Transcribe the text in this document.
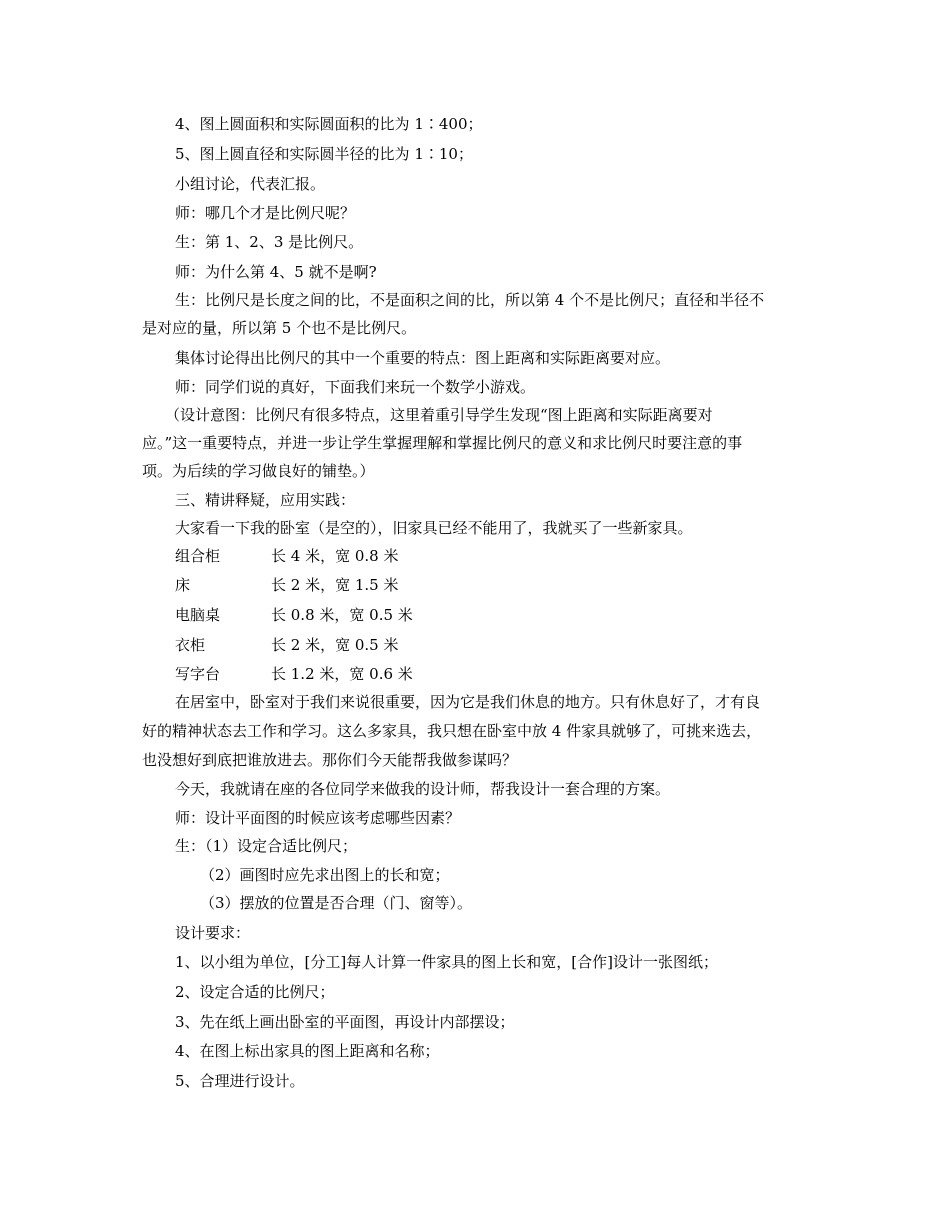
4、图上圆面积和实际圆面积的比为 1∶400；
5、图上圆直径和实际圆半径的比为 1∶10；
小组讨论，代表汇报。
师：哪几个才是比例尺呢？
生：第 1、2、3 是比例尺。
师：为什么第 4、5 就不是啊?
生：比例尺是长度之间的比，不是面积之间的比，所以第 4 个不是比例尺；直径和半径不
是对应的量，所以第 5 个也不是比例尺。
集体讨论得出比例尺的其中一个重要的特点：图上距离和实际距离要对应。
师：同学们说的真好，下面我们来玩一个数学小游戏。
（设计意图：比例尺有很多特点，这里着重引导学生发现“图上距离和实际距离要对
应。”这一重要特点，并进一步让学生掌握理解和掌握比例尺的意义和求比例尺时要注意的事
项。为后续的学习做良好的铺垫。）
三、精讲释疑，应用实践：
大家看一下我的卧室（是空的），旧家具已经不能用了，我就买了一些新家具。
组合柜	长 4 米，宽 0.8 米
床	长 2 米，宽 1.5 米
电脑桌	长 0.8 米，宽 0.5 米
衣柜	长 2 米，宽 0.5 米
写字台	长 1.2 米，宽 0.6 米
在居室中，卧室对于我们来说很重要，因为它是我们休息的地方。只有休息好了，才有良
好的精神状态去工作和学习。这么多家具，我只想在卧室中放 4 件家具就够了，可挑来选去，
也没想好到底把谁放进去。那你们今天能帮我做参谋吗？
今天，我就请在座的各位同学来做我的设计师，帮我设计一套合理的方案。
师：设计平面图的时候应该考虑哪些因素？
生：（1）设定合适比例尺；
（2）画图时应先求出图上的长和宽；
（3）摆放的位置是否合理（门、窗等）。
设计要求：
1、以小组为单位，[分工]每人计算一件家具的图上长和宽，[合作]设计一张图纸；
2、设定合适的比例尺；
3、先在纸上画出卧室的平面图，再设计内部摆设；
4、在图上标出家具的图上距离和名称；
5、合理进行设计。
